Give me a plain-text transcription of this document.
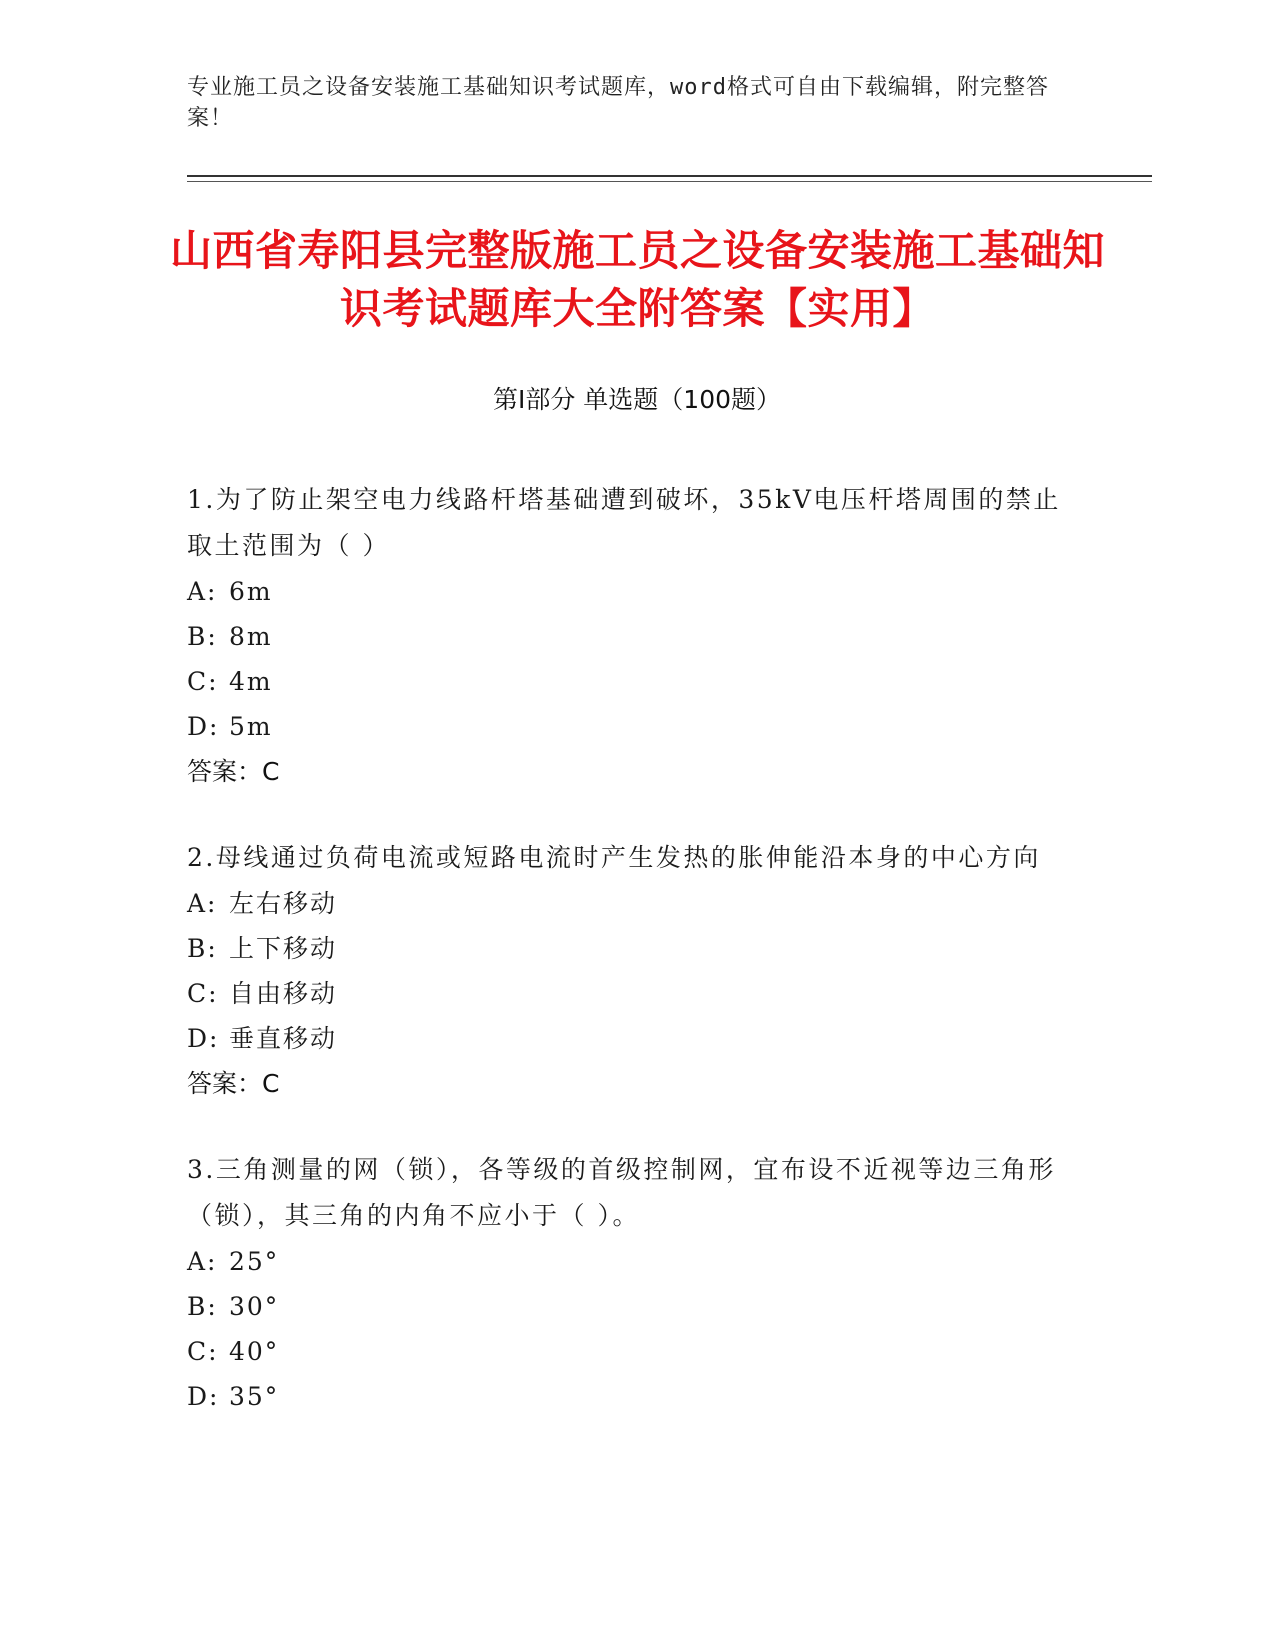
专业施工员之设备安装施工基础知识考试题库，word格式可自由下载编辑，附完整答案！
山西省寿阳县完整版施工员之设备安装施工基础知识考试题库大全附答案【实用】
第Ⅰ部分 单选题（100题）

1.为了防止架空电力线路杆塔基础遭到破坏，35kV电压杆塔周围的禁止取土范围为（ ）

A: 6m

B: 8m

C: 4m

D: 5m

答案：C

2.母线通过负荷电流或短路电流时产生发热的胀伸能沿本身的中心方向

A: 左右移动

B: 上下移动

C: 自由移动

D: 垂直移动

答案：C

3.三角测量的网（锁），各等级的首级控制网，宜布设不近视等边三角形（锁），其三角的内角不应小于（ ）。

A: 25°

B: 30°

C: 40°

D: 35°
